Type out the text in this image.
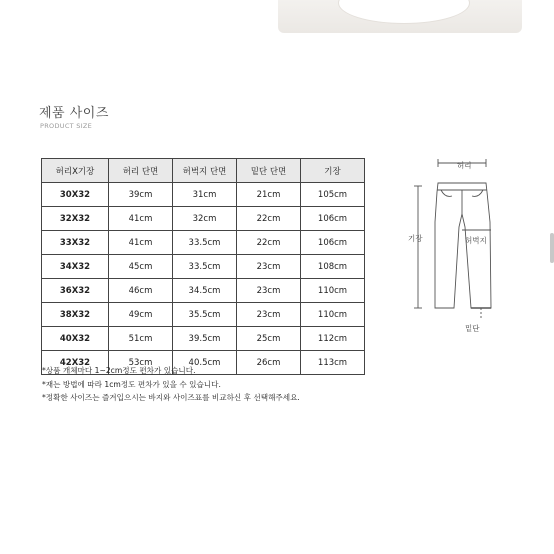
제품 사이즈
PRODUCT SIZE
허리X기장	허리 단면	허벅지 단면	밑단 단면	기장
30X32	39cm	31cm	21cm	105cm
32X32	41cm	32cm	22cm	106cm
33X32	41cm	33.5cm	22cm	106cm
34X32	45cm	33.5cm	23cm	108cm
36X32	46cm	34.5cm	23cm	110cm
38X32	49cm	35.5cm	23cm	110cm
40X32	51cm	39.5cm	25cm	112cm
42X32	53cm	40.5cm	26cm	113cm
*상품 개체마다 1~2cm정도 편차가 있습니다.
*재는 방법에 따라 1cm정도 편차가 있을 수 있습니다.
*정확한 사이즈는 즐겨입으시는 바지와 사이즈표를 비교하신 후 선택해주세요.
허리
기장	허벅지
밑단
